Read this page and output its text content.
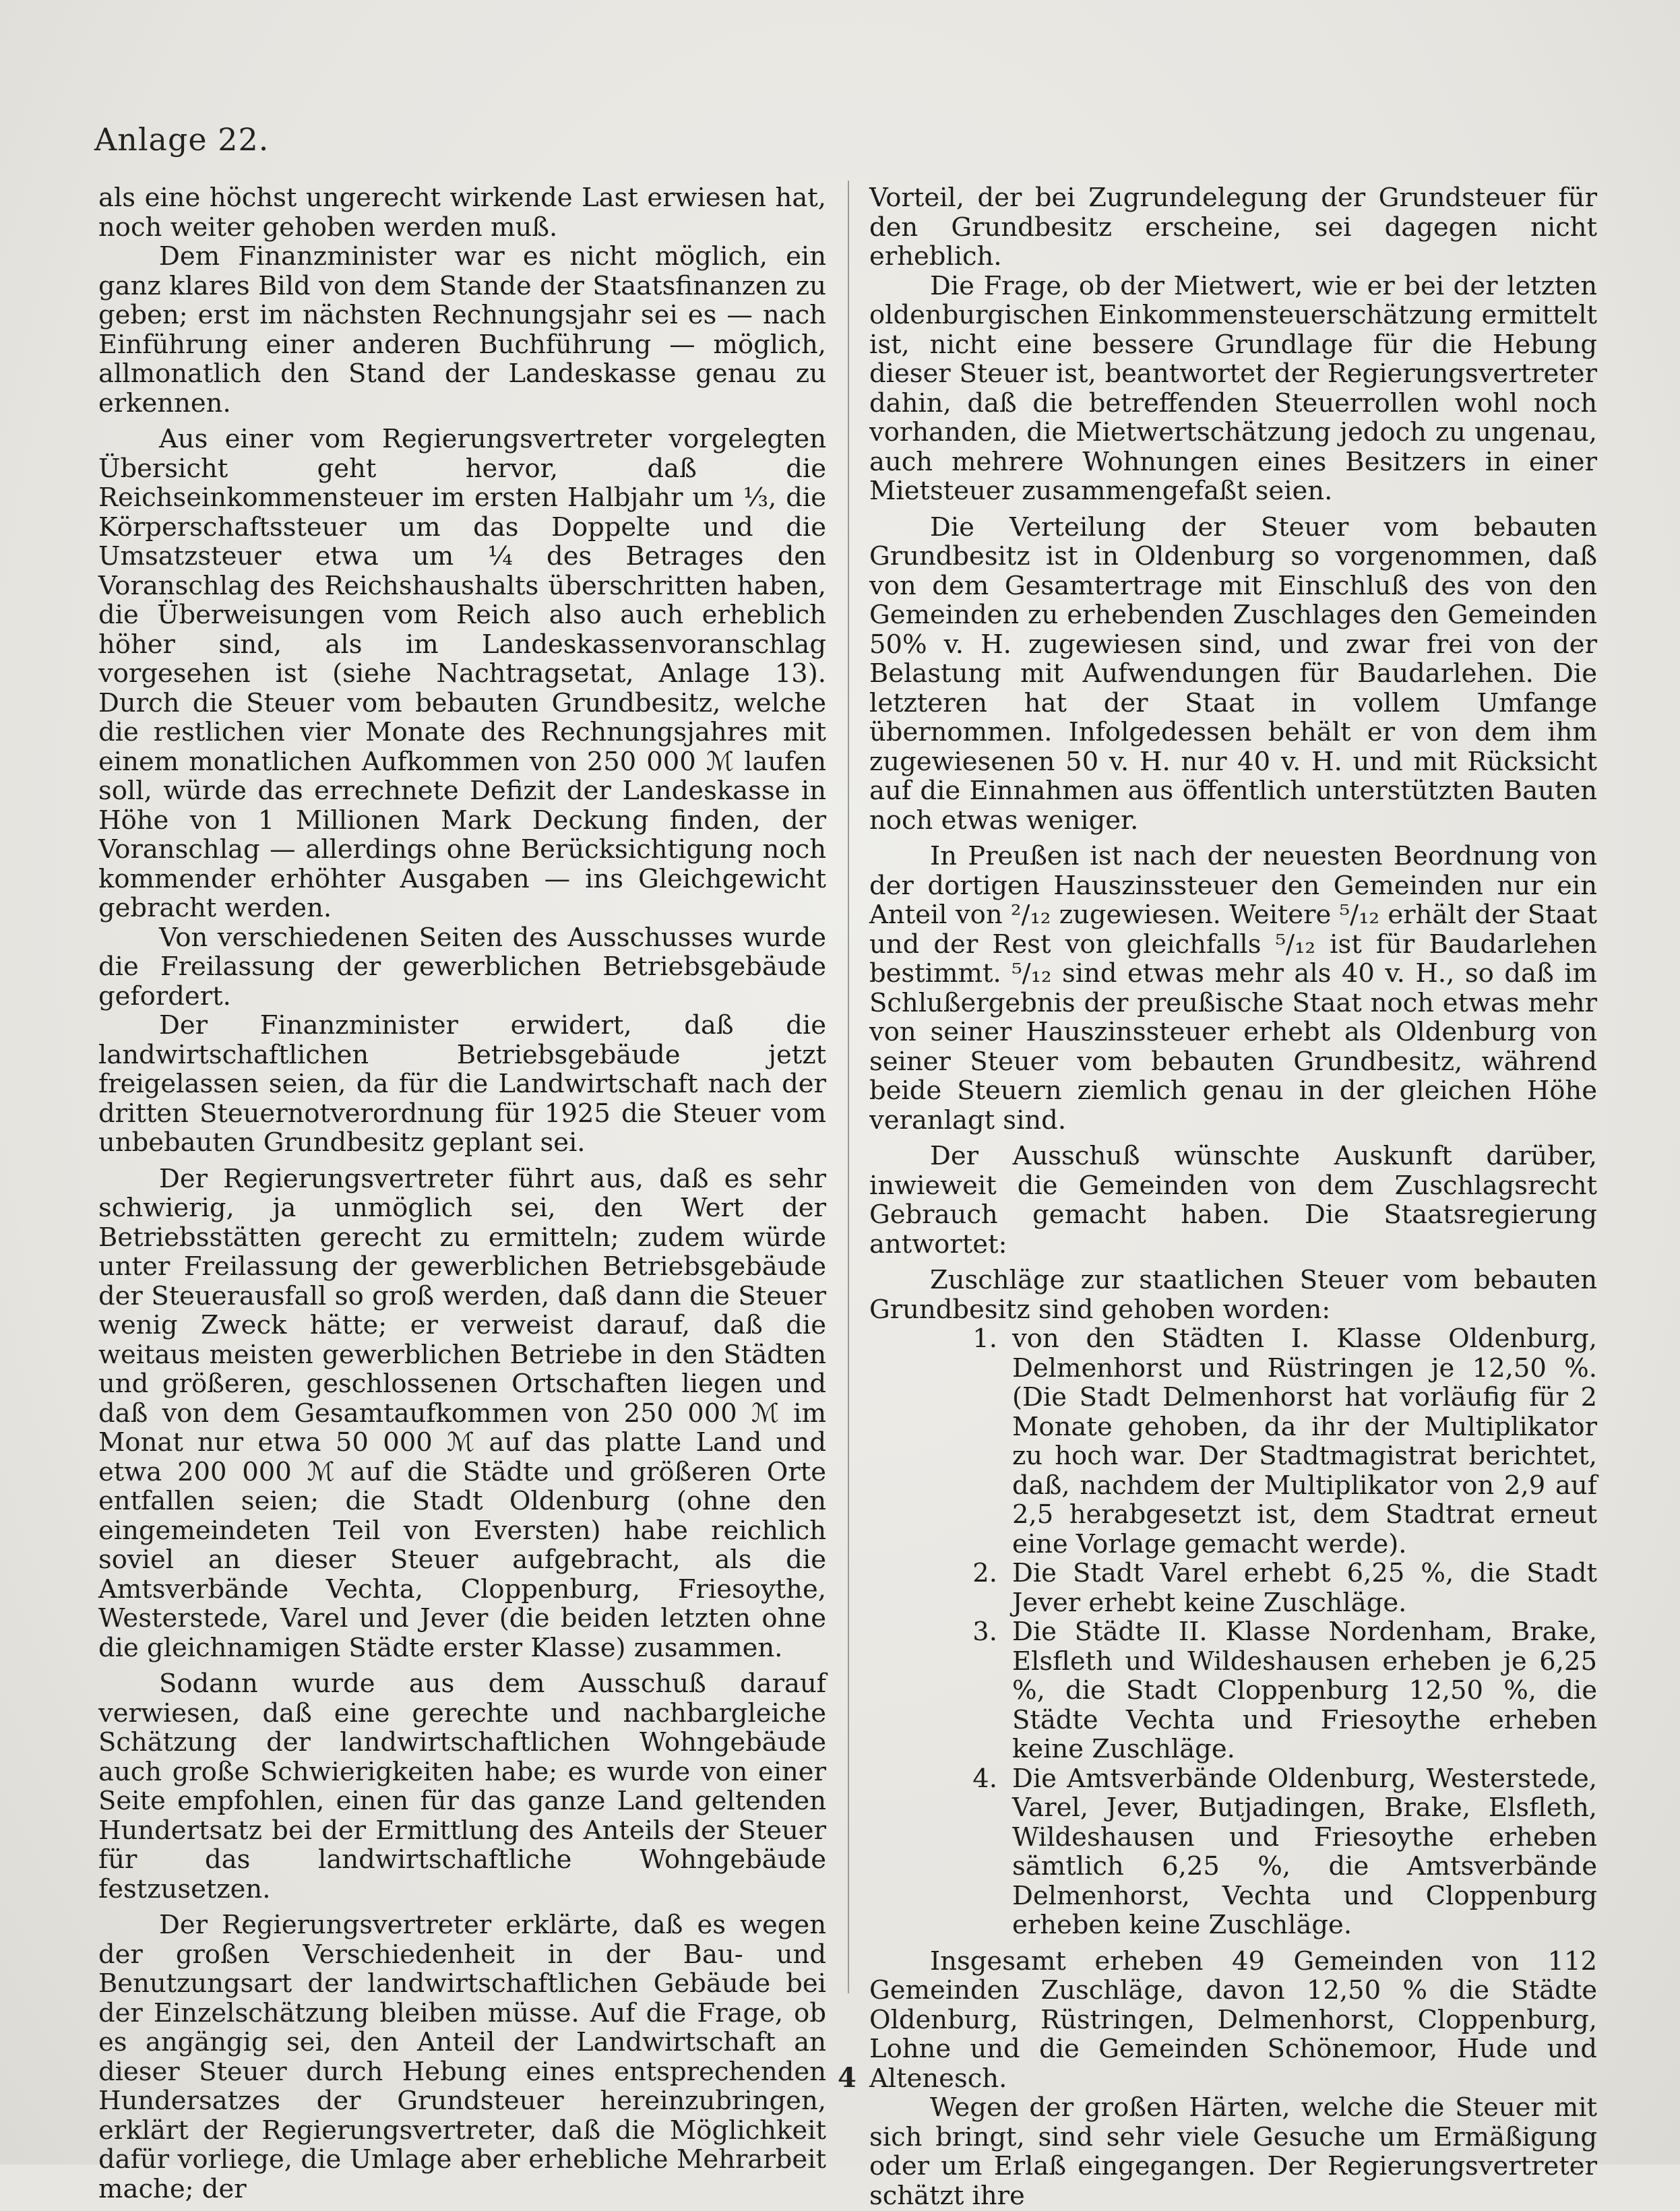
Anlage 22.

als eine höchst ungerecht wirkende Last erwiesen hat, noch weiter gehoben werden muß.

Dem Finanzminister war es nicht möglich, ein ganz klares Bild von dem Stande der Staatsfinanzen zu geben; erst im nächsten Rechnungsjahr sei es — nach Einführung einer anderen Buchführung — möglich, allmonatlich den Stand der Landeskasse genau zu erkennen.

Aus einer vom Regierungsvertreter vorgelegten Übersicht geht hervor, daß die Reichseinkommensteuer im ersten Halbjahr um ⅓, die Körperschaftssteuer um das Doppelte und die Umsatzsteuer etwa um ¼ des Betrages den Voranschlag des Reichshaushalts überschritten haben, die Überweisungen vom Reich also auch erheblich höher sind, als im Landeskassenvoranschlag vorgesehen ist (siehe Nachtragsetat, Anlage 13). Durch die Steuer vom bebauten Grundbesitz, welche die restlichen vier Monate des Rechnungsjahres mit einem monatlichen Aufkommen von 250 000 ℳ laufen soll, würde das errechnete Defizit der Landeskasse in Höhe von 1 Millionen Mark Deckung finden, der Voranschlag — allerdings ohne Berücksichtigung noch kommender erhöhter Ausgaben — ins Gleichgewicht gebracht werden.

Von verschiedenen Seiten des Ausschusses wurde die Freilassung der gewerblichen Betriebsgebäude gefordert.

Der Finanzminister erwidert, daß die landwirtschaftlichen Betriebsgebäude jetzt freigelassen seien, da für die Landwirtschaft nach der dritten Steuernotverordnung für 1925 die Steuer vom unbebauten Grundbesitz geplant sei.

Der Regierungsvertreter führt aus, daß es sehr schwierig, ja unmöglich sei, den Wert der Betriebsstätten gerecht zu ermitteln; zudem würde unter Freilassung der gewerblichen Betriebsgebäude der Steuerausfall so groß werden, daß dann die Steuer wenig Zweck hätte; er verweist darauf, daß die weitaus meisten gewerblichen Betriebe in den Städten und größeren, geschlossenen Ortschaften liegen und daß von dem Gesamtaufkommen von 250 000 ℳ im Monat nur etwa 50 000 ℳ auf das platte Land und etwa 200 000 ℳ auf die Städte und größeren Orte entfallen seien; die Stadt Oldenburg (ohne den eingemeindeten Teil von Eversten) habe reichlich soviel an dieser Steuer aufgebracht, als die Amtsverbände Vechta, Cloppenburg, Friesoythe, Westerstede, Varel und Jever (die beiden letzten ohne die gleichnamigen Städte erster Klasse) zusammen.

Sodann wurde aus dem Ausschuß darauf verwiesen, daß eine gerechte und nachbargleiche Schätzung der landwirtschaftlichen Wohngebäude auch große Schwierigkeiten habe; es wurde von einer Seite empfohlen, einen für das ganze Land geltenden Hundertsatz bei der Ermittlung des Anteils der Steuer für das landwirtschaftliche Wohngebäude festzusetzen.

Der Regierungsvertreter erklärte, daß es wegen der großen Verschiedenheit in der Bau- und Benutzungsart der landwirtschaftlichen Gebäude bei der Einzelschätzung bleiben müsse. Auf die Frage, ob es angängig sei, den Anteil der Landwirtschaft an dieser Steuer durch Hebung eines entsprechenden Hundersatzes der Grundsteuer hereinzubringen, erklärt der Regierungsvertreter, daß die Möglichkeit dafür vorliege, die Umlage aber erhebliche Mehrarbeit mache; der

Vorteil, der bei Zugrundelegung der Grundsteuer für den Grundbesitz erscheine, sei dagegen nicht erheblich.

Die Frage, ob der Mietwert, wie er bei der letzten oldenburgischen Einkommensteuerschätzung ermittelt ist, nicht eine bessere Grundlage für die Hebung dieser Steuer ist, beantwortet der Regierungsvertreter dahin, daß die betreffenden Steuerrollen wohl noch vorhanden, die Mietwertschätzung jedoch zu ungenau, auch mehrere Wohnungen eines Besitzers in einer Mietsteuer zusammengefaßt seien.

Die Verteilung der Steuer vom bebauten Grundbesitz ist in Oldenburg so vorgenommen, daß von dem Gesamtertrage mit Einschluß des von den Gemeinden zu erhebenden Zuschlages den Gemeinden 50% v. H. zugewiesen sind, und zwar frei von der Belastung mit Aufwendungen für Baudarlehen. Die letzteren hat der Staat in vollem Umfange übernommen. Infolgedessen behält er von dem ihm zugewiesenen 50 v. H. nur 40 v. H. und mit Rücksicht auf die Einnahmen aus öffentlich unterstützten Bauten noch etwas weniger.

In Preußen ist nach der neuesten Beordnung von der dortigen Hauszinssteuer den Gemeinden nur ein Anteil von ²/₁₂ zugewiesen. Weitere ⁵/₁₂ erhält der Staat und der Rest von gleichfalls ⁵/₁₂ ist für Baudarlehen bestimmt. ⁵/₁₂ sind etwas mehr als 40 v. H., so daß im Schlußergebnis der preußische Staat noch etwas mehr von seiner Hauszinssteuer erhebt als Oldenburg von seiner Steuer vom bebauten Grundbesitz, während beide Steuern ziemlich genau in der gleichen Höhe veranlagt sind.

Der Ausschuß wünschte Auskunft darüber, inwieweit die Gemeinden von dem Zuschlagsrecht Gebrauch gemacht haben. Die Staatsregierung antwortet:

Zuschläge zur staatlichen Steuer vom bebauten Grundbesitz sind gehoben worden:

1. von den Städten I. Klasse Oldenburg, Delmenhorst und Rüstringen je 12,50 %. (Die Stadt Delmenhorst hat vorläufig für 2 Monate gehoben, da ihr der Multiplikator zu hoch war. Der Stadtmagistrat berichtet, daß, nachdem der Multiplikator von 2,9 auf 2,5 herabgesetzt ist, dem Stadtrat erneut eine Vorlage gemacht werde).
2. Die Stadt Varel erhebt 6,25 %, die Stadt Jever erhebt keine Zuschläge.
3. Die Städte II. Klasse Nordenham, Brake, Elsfleth und Wildeshausen erheben je 6,25 %, die Stadt Cloppenburg 12,50 %, die Städte Vechta und Friesoythe erheben keine Zuschläge.
4. Die Amtsverbände Oldenburg, Westerstede, Varel, Jever, Butjadingen, Brake, Elsfleth, Wildeshausen und Friesoythe erheben sämtlich 6,25 %, die Amtsverbände Delmenhorst, Vechta und Cloppenburg erheben keine Zuschläge.

Insgesamt erheben 49 Gemeinden von 112 Gemeinden Zuschläge, davon 12,50 % die Städte Oldenburg, Rüstringen, Delmenhorst, Cloppenburg, Lohne und die Gemeinden Schönemoor, Hude und Altenesch.

Wegen der großen Härten, welche die Steuer mit sich bringt, sind sehr viele Gesuche um Ermäßigung oder um Erlaß eingegangen. Der Regierungsvertreter schätzt ihre

4
